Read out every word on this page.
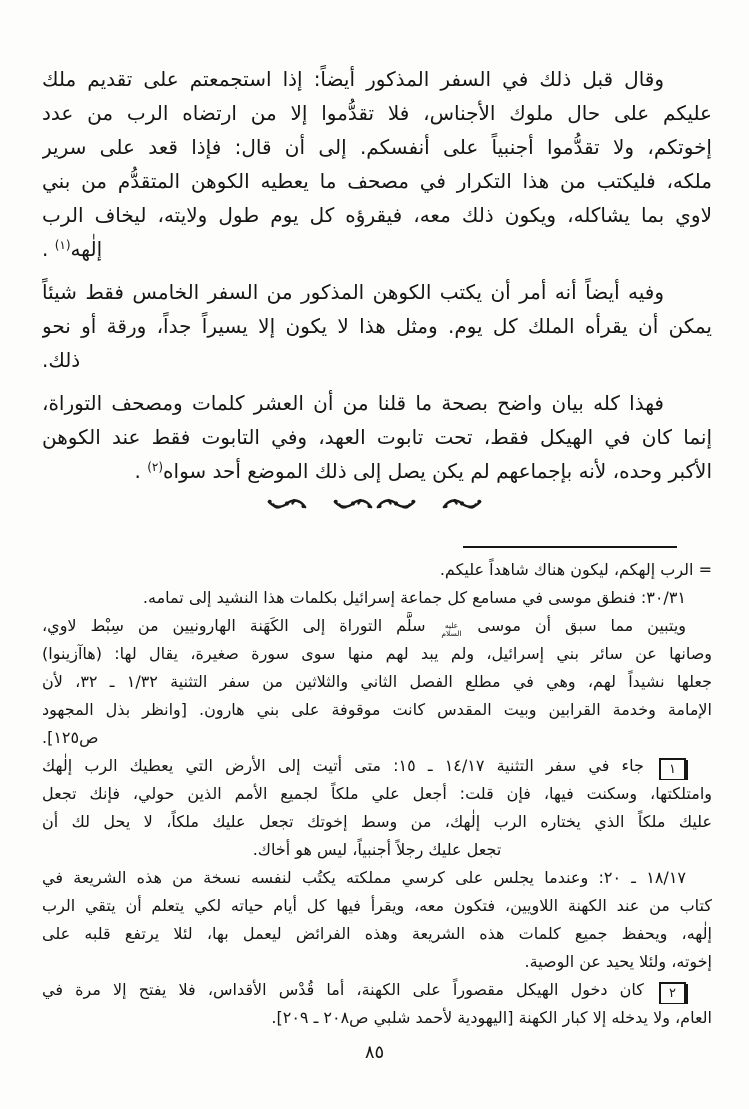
وقال قبل ذلك في السفر المذكور أيضاً: إذا استجمعتم على تقديم ملك
عليكم على حال ملوك الأجناس، فلا تقدُّموا إلا من ارتضاه الرب من عدد
إخوتكم، ولا تقدُّموا أجنبياً على أنفسكم. إلى أن قال: فإذا قعد على سرير
ملكه، فليكتب من هذا التكرار في مصحف ما يعطيه الكوهن المتقدُّم من بني
لاوي بما يشاكله، ويكون ذلك معه، فيقرؤه كل يوم طول ولايته، ليخاف الرب
إلٰهه$^{(١)}$ .
وفيه أيضاً أنه أمر أن يكتب الكوهن المذكور من السفر الخامس فقط شيئاً
يمكن أن يقرأه الملك كل يوم. ومثل هذا لا يكون إلا يسيراً جداً، ورقة أو نحو
ذلك.
فهذا كله بيان واضح بصحة ما قلنا من أن العشر كلمات ومصحف التوراة،
إنما كان في الهيكل فقط، تحت تابوت العهد، وفي التابوت فقط عند الكوهن
الأكبر وحده، لأنه بإجماعهم لم يكن يصل إلى ذلك الموضع أحد سواه$^{(٢)}$ .
= الرب إلهكم، ليكون هناك شاهداً عليكم.
٣٠/٣١: فنطق موسى في مسامع كل جماعة إسرائيل بكلمات هذا النشيد إلى تمامه.
ويتبين مما سبق أن موسى عليه السلام سلَّم التوراة إلى الكَهَنة الهارونيين من سِبْط لاوي،
وصانها عن سائر بني إسرائيل، ولم يبد لهم منها سوى سورة صغيرة، يقال لها: (هاآزينوا)
جعلها نشيداً لهم، وهي في مطلع الفصل الثاني والثلاثين من سفر التثنية ١/٣٢ ـ ٣٢، لأن
الإمامة وخدمة القرابين وبيت المقدس كانت موقوفة على بني هارون. [وانظر بذل المجهود
ص١٢٥].
١ جاء في سفر التثنية ١٤/١٧ ـ ١٥: متى أتيت إلى الأرض التي يعطيك الرب إلٰهك
وامتلكتها، وسكنت فيها، فإن قلت: أجعل علي ملكاً لجميع الأمم الذين حولي، فإنك تجعل
عليك ملكاً الذي يختاره الرب إلٰهك، من وسط إخوتك تجعل عليك ملكاً، لا يحل لك أن
تجعل عليك رجلاً أجنبياً، ليس هو أخاك.
١٨/١٧ ـ ٢٠: وعندما يجلس على كرسي مملكته يكتُب لنفسه نسخة من هذه الشريعة في
كتاب من عند الكهنة اللاويين، فتكون معه، ويقرأ فيها كل أيام حياته لكي يتعلم أن يتقي الرب
إلٰهه، ويحفظ جميع كلمات هذه الشريعة وهذه الفرائض ليعمل بها، لئلا يرتفع قلبه على
إخوته، ولئلا يحيد عن الوصية.
٢ كان دخول الهيكل مقصوراً على الكهنة، أما قُدْس الأقداس، فلا يفتح إلا مرة في
العام، ولا يدخله إلا كبار الكهنة [اليهودية لأحمد شلبي ص٢٠٨ ـ ٢٠٩].
٨٥
